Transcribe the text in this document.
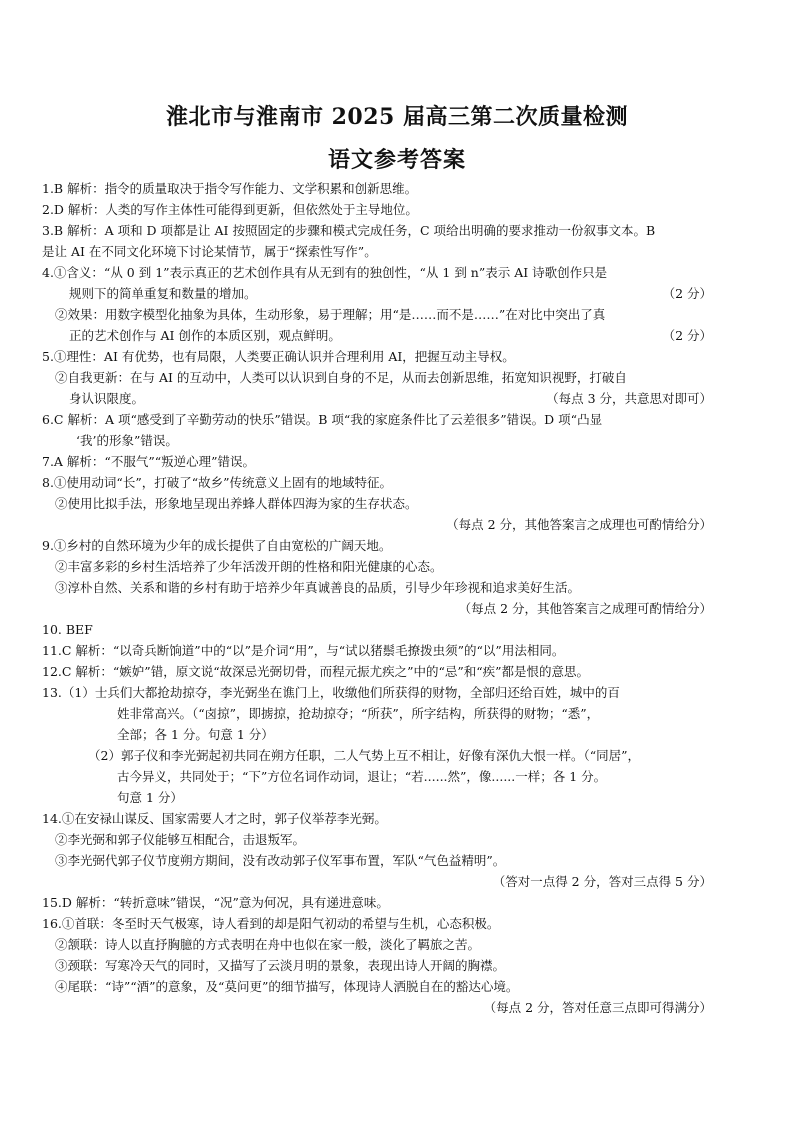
淮北市与淮南市 2025 届高三第二次质量检测
语文参考答案
1.B 解析：指令的质量取决于指令写作能力、文学积累和创新思维。
2.D 解析：人类的写作主体性可能得到更新，但依然处于主导地位。
3.B 解析：A 项和 D 项都是让 AI 按照固定的步骤和模式完成任务，C 项给出明确的要求推动一份叙事文本。B
是让 AI 在不同文化环境下讨论某情节，属于“探索性写作”。
4.①含义：“从 0 到 1”表示真正的艺术创作具有从无到有的独创性，“从 1 到 n”表示 AI 诗歌创作只是
规则下的简单重复和数量的增加。	（2 分）
②效果：用数字模型化抽象为具体，生动形象，易于理解；用“是……而不是……”在对比中突出了真
正的艺术创作与 AI 创作的本质区别，观点鲜明。	（2 分）
5.①理性：AI 有优势，也有局限，人类要正确认识并合理利用 AI，把握互动主导权。
②自我更新：在与 AI 的互动中，人类可以认识到自身的不足，从而去创新思维，拓宽知识视野，打破自
身认识限度。	（每点 3 分，共意思对即可）
6.C 解析：A 项“感受到了辛勤劳动的快乐”错误。B 项“我的家庭条件比了云差很多”错误。D 项“凸显
‘我’的形象”错误。
7.A 解析：“不服气”“叛逆心理”错误。
8.①使用动词“长”，打破了“故乡”传统意义上固有的地域特征。
②使用比拟手法，形象地呈现出养蜂人群体四海为家的生存状态。
（每点 2 分，其他答案言之成理也可酌情给分）
9.①乡村的自然环境为少年的成长提供了自由宽松的广阔天地。
②丰富多彩的乡村生活培养了少年活泼开朗的性格和阳光健康的心态。
③淳朴自然、关系和谐的乡村有助于培养少年真诚善良的品质，引导少年珍视和追求美好生活。
（每点 2 分，其他答案言之成理可酌情给分）
10. BEF
11.C 解析：“以奇兵断饷道”中的“以”是介词“用”，与“试以猪鬃毛撩拨虫须”的“以”用法相同。
12.C 解析：“嫉妒”错，原文说“故深忌光弼切骨，而程元振尤疾之”中的“忌”和“疾”都是恨的意思。
13.（1）士兵们大都抢劫掠夺，李光弼坐在谯门上，收缴他们所获得的财物，全部归还给百姓，城中的百
姓非常高兴。（“卤掠”，即掳掠，抢劫掠夺；“所获”，所字结构，所获得的财物；“悉”，
全部；各 1 分。句意 1 分）
（2）郭子仪和李光弼起初共同在朔方任职，二人气势上互不相让，好像有深仇大恨一样。（“同居”，
古今异义，共同处于；“下”方位名词作动词，退让；“若......然”，像......一样；各 1 分。
句意 1 分）
14.①在安禄山谋反、国家需要人才之时，郭子仪举荐李光弼。
②李光弼和郭子仪能够互相配合，击退叛军。
③李光弼代郭子仪节度朔方期间，没有改动郭子仪军事布置，军队“气色益精明”。
（答对一点得 2 分，答对三点得 5 分）
15.D 解析：“转折意味”错误，“况”意为何况，具有递进意味。
16.①首联：冬至时天气极寒，诗人看到的却是阳气初动的希望与生机，心态积极。
②颔联：诗人以直抒胸臆的方式表明在舟中也似在家一般，淡化了羁旅之苦。
③颈联：写寒冷天气的同时，又描写了云淡月明的景象，表现出诗人开阔的胸襟。
④尾联：“诗”“酒”的意象，及“莫问更”的细节描写，体现诗人洒脱自在的豁达心境。
（每点 2 分，答对任意三点即可得满分）
